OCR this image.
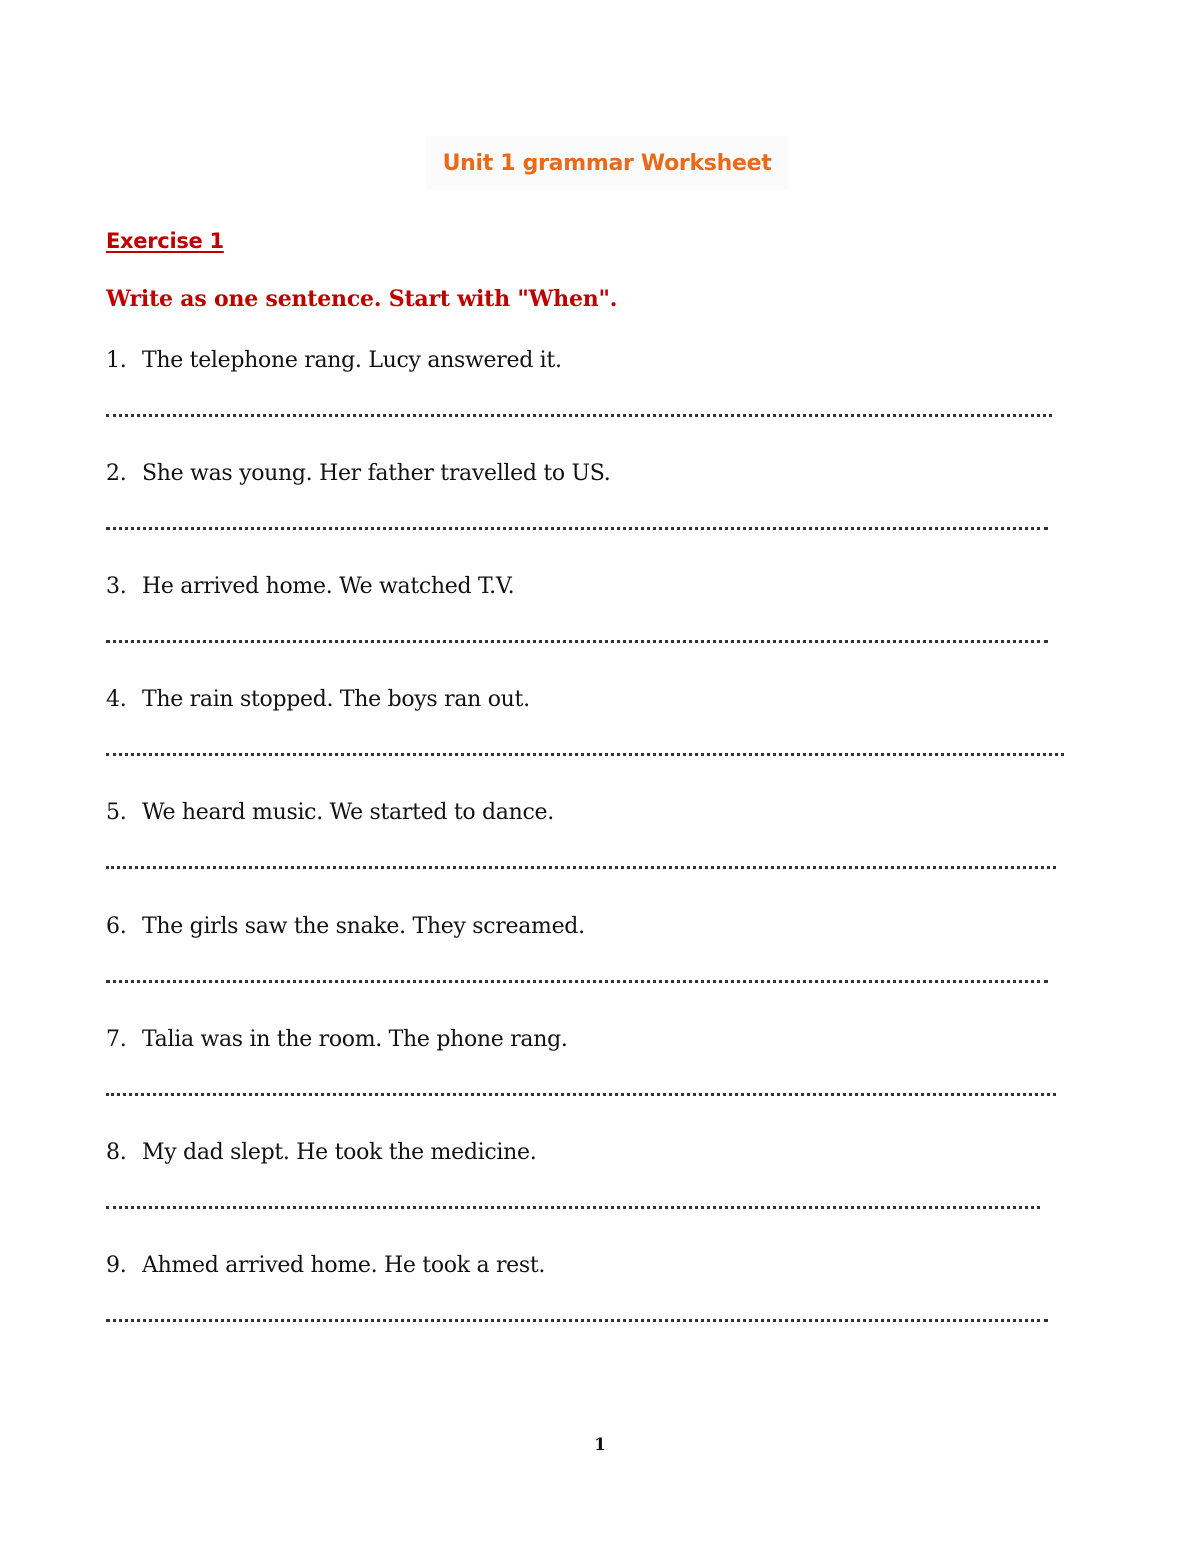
Unit 1 grammar Worksheet
Exercise 1
Write as one sentence. Start with "When".
1. The telephone rang. Lucy answered it.
2. She was young. Her father travelled to US.
3. He arrived home. We watched T.V.
4. The rain stopped. The boys ran out.
5. We heard music. We started to dance.
6. The girls saw the snake. They screamed.
7. Talia was in the room. The phone rang.
8. My dad slept. He took the medicine.
9. Ahmed arrived home. He took a rest.
1
